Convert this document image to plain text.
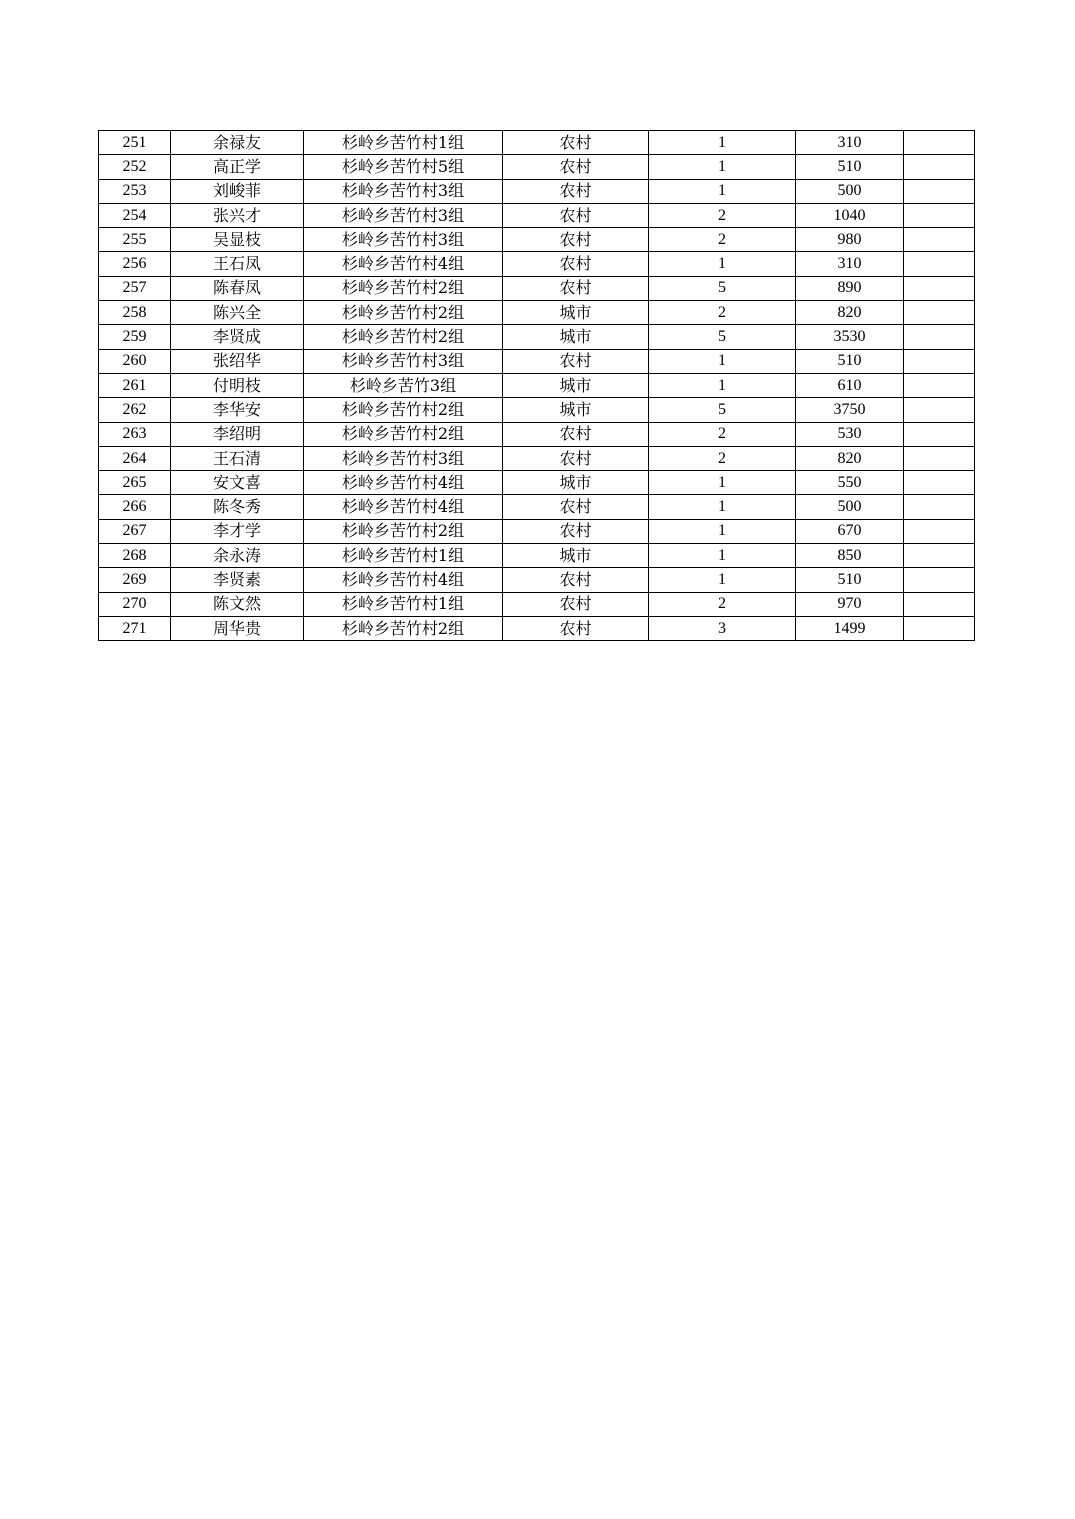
251	余禄友	杉岭乡苦竹村1组	农村	1	310	
252	高正学	杉岭乡苦竹村5组	农村	1	510	
253	刘峻菲	杉岭乡苦竹村3组	农村	1	500	
254	张兴才	杉岭乡苦竹村3组	农村	2	1040	
255	吴显枝	杉岭乡苦竹村3组	农村	2	980	
256	王石凤	杉岭乡苦竹村4组	农村	1	310	
257	陈春凤	杉岭乡苦竹村2组	农村	5	890	
258	陈兴全	杉岭乡苦竹村2组	城市	2	820	
259	李贤成	杉岭乡苦竹村2组	城市	5	3530	
260	张绍华	杉岭乡苦竹村3组	农村	1	510	
261	付明枝	杉岭乡苦竹3组	城市	1	610	
262	李华安	杉岭乡苦竹村2组	城市	5	3750	
263	李绍明	杉岭乡苦竹村2组	农村	2	530	
264	王石清	杉岭乡苦竹村3组	农村	2	820	
265	安文喜	杉岭乡苦竹村4组	城市	1	550	
266	陈冬秀	杉岭乡苦竹村4组	农村	1	500	
267	李才学	杉岭乡苦竹村2组	农村	1	670	
268	余永涛	杉岭乡苦竹村1组	城市	1	850	
269	李贤素	杉岭乡苦竹村4组	农村	1	510	
270	陈文然	杉岭乡苦竹村1组	农村	2	970	
271	周华贵	杉岭乡苦竹村2组	农村	3	1499	
